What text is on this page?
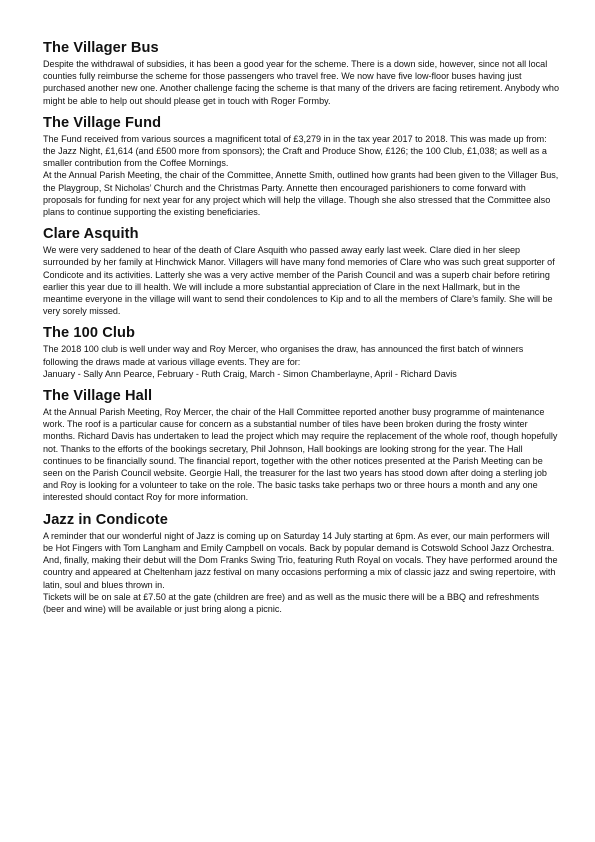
The Villager Bus

Despite the withdrawal of subsidies, it has been a good year for the scheme. There is a down side, however, since not all local counties fully reimburse the scheme for those passengers who travel free. We now have five low-floor buses having just purchased another new one. Another challenge facing the scheme is that many of the drivers are facing retirement. Anybody who might be able to help out should please get in touch with Roger Formby.

The Village Fund

The Fund received from various sources a magnificent total of £3,279 in in the tax year 2017 to 2018. This was made up from: the Jazz Night, £1,614 (and £500 more from sponsors); the Craft and Produce Show, £126; the 100 Club, £1,038; as well as a smaller contribution from the Coffee Mornings.

At the Annual Parish Meeting, the chair of the Committee, Annette Smith, outlined how grants had been given to the Villager Bus, the Playgroup, St Nicholas’ Church and the Christmas Party. Annette then encouraged parishioners to come forward with proposals for funding for next year for any project which will help the village. Though she also stressed that the Committee also plans to continue supporting the existing beneficiaries.

Clare Asquith

We were very saddened to hear of the death of Clare Asquith who passed away early last week. Clare died in her sleep surrounded by her family at Hinchwick Manor. Villagers will have many fond memories of Clare who was such great supporter of Condicote and its activities. Latterly she was a very active member of the Parish Council and was a superb chair before retiring earlier this year due to ill health. We will include a more substantial appreciation of Clare in the next Hallmark, but in the meantime everyone in the village will want to send their condolences to Kip and to all the members of Clare’s family. She will be very sorely missed.

The 100 Club

The 2018 100 club is well under way and Roy Mercer, who organises the draw, has announced the first batch of winners following the draws made at various village events. They are for:

January - Sally Ann Pearce, February - Ruth Craig, March - Simon Chamberlayne, April - Richard Davis

The Village Hall

At the Annual Parish Meeting, Roy Mercer, the chair of the Hall Committee reported another busy programme of maintenance work. The roof is a particular cause for concern as a substantial number of tiles have been broken during the frosty winter months. Richard Davis has undertaken to lead the project which may require the replacement of the whole roof, though hopefully not. Thanks to the efforts of the bookings secretary, Phil Johnson, Hall bookings are looking strong for the year. The Hall continues to be financially sound. The financial report, together with the other notices presented at the Parish Meeting can be seen on the Parish Council website. Georgie Hall, the treasurer for the last two years has stood down after doing a sterling job and Roy is looking for a volunteer to take on the role. The basic tasks take perhaps two or three hours a month and any one interested should contact Roy for more information.

Jazz in Condicote

A reminder that our wonderful night of Jazz is coming up on Saturday 14 July starting at 6pm. As ever, our main performers will be Hot Fingers with Tom Langham and Emily Campbell on vocals. Back by popular demand is Cotswold School Jazz Orchestra. And, finally, making their debut will the Dom Franks Swing Trio, featuring Ruth Royal on vocals. They have performed around the country and appeared at Cheltenham jazz festival on many occasions performing a mix of classic jazz and swing repertoire, with latin, soul and blues thrown in.

Tickets will be on sale at £7.50 at the gate (children are free) and as well as the music there will be a BBQ and refreshments (beer and wine) will be available or just bring along a picnic.
